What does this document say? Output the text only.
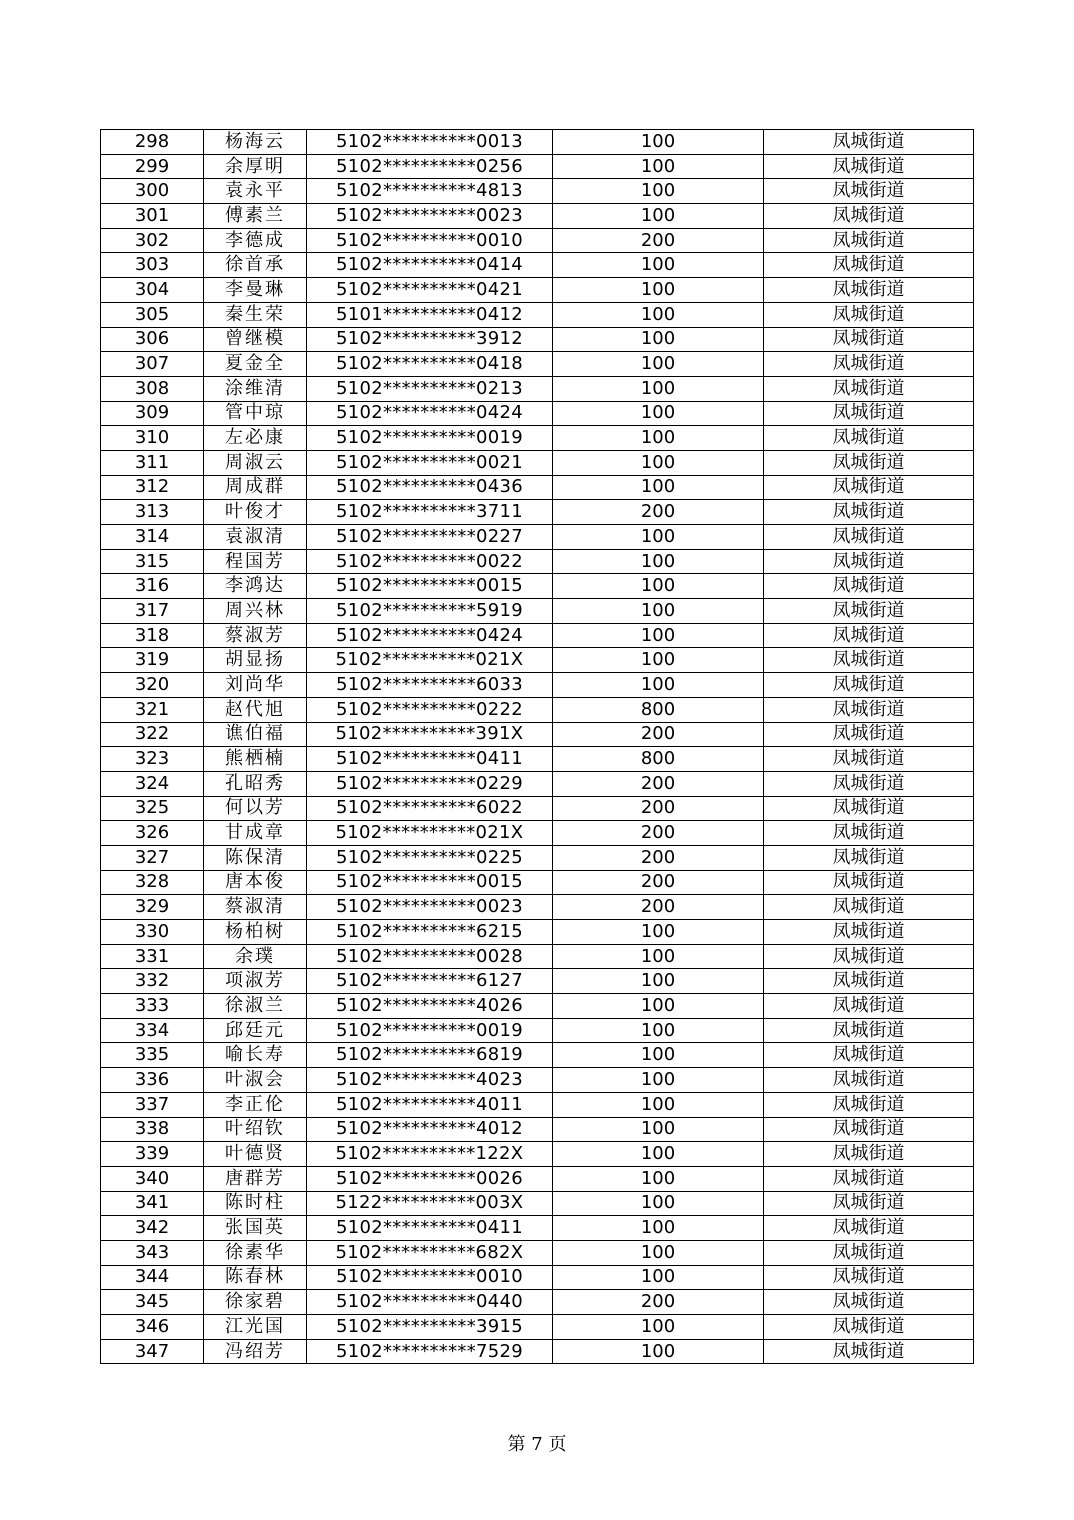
298	杨海云	5102**********0013	100	凤城街道
299	余厚明	5102**********0256	100	凤城街道
300	袁永平	5102**********4813	100	凤城街道
301	傅素兰	5102**********0023	100	凤城街道
302	李德成	5102**********0010	200	凤城街道
303	徐首承	5102**********0414	100	凤城街道
304	李曼琳	5102**********0421	100	凤城街道
305	秦生荣	5101**********0412	100	凤城街道
306	曾继模	5102**********3912	100	凤城街道
307	夏金全	5102**********0418	100	凤城街道
308	涂维清	5102**********0213	100	凤城街道
309	管中琼	5102**********0424	100	凤城街道
310	左必康	5102**********0019	100	凤城街道
311	周淑云	5102**********0021	100	凤城街道
312	周成群	5102**********0436	100	凤城街道
313	叶俊才	5102**********3711	200	凤城街道
314	袁淑清	5102**********0227	100	凤城街道
315	程国芳	5102**********0022	100	凤城街道
316	李鸿达	5102**********0015	100	凤城街道
317	周兴林	5102**********5919	100	凤城街道
318	蔡淑芳	5102**********0424	100	凤城街道
319	胡显扬	5102**********021X	100	凤城街道
320	刘尚华	5102**********6033	100	凤城街道
321	赵代旭	5102**********0222	800	凤城街道
322	谯伯福	5102**********391X	200	凤城街道
323	熊栖楠	5102**********0411	800	凤城街道
324	孔昭秀	5102**********0229	200	凤城街道
325	何以芳	5102**********6022	200	凤城街道
326	甘成章	5102**********021X	200	凤城街道
327	陈保清	5102**********0225	200	凤城街道
328	唐本俊	5102**********0015	200	凤城街道
329	蔡淑清	5102**********0023	200	凤城街道
330	杨柏树	5102**********6215	100	凤城街道
331	余璞	5102**********0028	100	凤城街道
332	项淑芳	5102**********6127	100	凤城街道
333	徐淑兰	5102**********4026	100	凤城街道
334	邱廷元	5102**********0019	100	凤城街道
335	喻长寿	5102**********6819	100	凤城街道
336	叶淑会	5102**********4023	100	凤城街道
337	李正伦	5102**********4011	100	凤城街道
338	叶绍钦	5102**********4012	100	凤城街道
339	叶德贤	5102**********122X	100	凤城街道
340	唐群芳	5102**********0026	100	凤城街道
341	陈时柱	5122**********003X	100	凤城街道
342	张国英	5102**********0411	100	凤城街道
343	徐素华	5102**********682X	100	凤城街道
344	陈春林	5102**********0010	100	凤城街道
345	徐家碧	5102**********0440	200	凤城街道
346	江光国	5102**********3915	100	凤城街道
347	冯绍芳	5102**********7529	100	凤城街道
第 7 页
